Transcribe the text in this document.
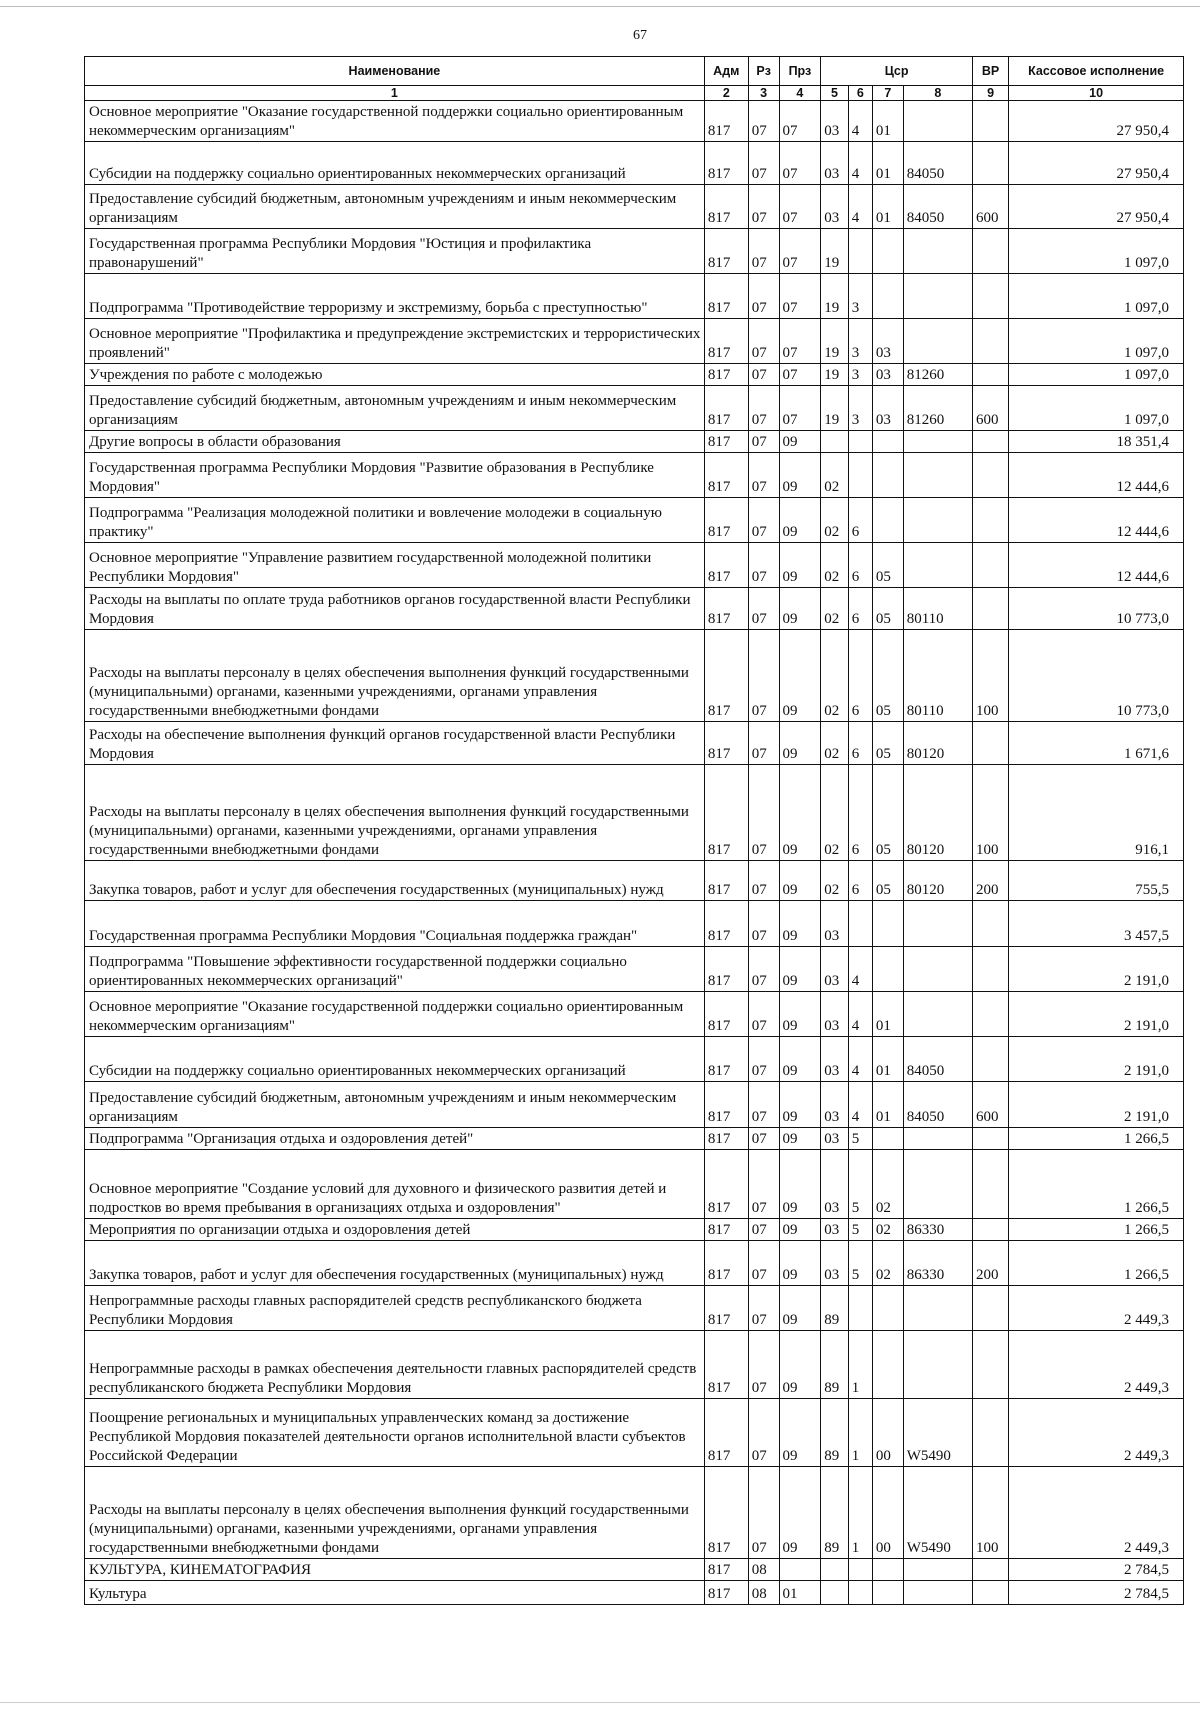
67
Наименование	Адм	Рз	Прз	Цср				ВР	Кассовое исполнение
1	2	3	4	5	6	7	8	9	10
Основное мероприятие "Оказание государственной поддержки социально ориентированным некоммерческим организациям"	817	07	07	03	4	01			27 950,4
Субсидии на поддержку социально ориентированных некоммерческих организаций	817	07	07	03	4	01	84050		27 950,4
Предоставление субсидий бюджетным, автономным учреждениям и иным некоммерческим организациям	817	07	07	03	4	01	84050	600	27 950,4
Государственная программа Республики Мордовия "Юстиция и профилактика правонарушений"	817	07	07	19					1 097,0
Подпрограмма "Противодействие терроризму и экстремизму, борьба с преступностью"	817	07	07	19	3				1 097,0
Основное мероприятие "Профилактика и предупреждение экстремистских и террористических проявлений"	817	07	07	19	3	03			1 097,0
Учреждения по работе с молодежью	817	07	07	19	3	03	81260		1 097,0
Предоставление субсидий бюджетным, автономным учреждениям и иным некоммерческим организациям	817	07	07	19	3	03	81260	600	1 097,0
Другие вопросы в области образования	817	07	09						18 351,4
Государственная программа Республики Мордовия "Развитие образования в Республике Мордовия"	817	07	09	02					12 444,6
Подпрограмма "Реализация молодежной политики и вовлечение молодежи в социальную практику"	817	07	09	02	6				12 444,6
Основное мероприятие "Управление развитием государственной молодежной политики Республики Мордовия"	817	07	09	02	6	05			12 444,6
Расходы на выплаты по оплате труда работников органов государственной власти Республики Мордовия	817	07	09	02	6	05	80110		10 773,0
Расходы на выплаты персоналу в целях обеспечения выполнения функций государственными (муниципальными) органами, казенными учреждениями, органами управления государственными внебюджетными фондами	817	07	09	02	6	05	80110	100	10 773,0
Расходы на обеспечение выполнения функций органов государственной власти Республики Мордовия	817	07	09	02	6	05	80120		1 671,6
Расходы на выплаты персоналу в целях обеспечения выполнения функций государственными (муниципальными) органами, казенными учреждениями, органами управления государственными внебюджетными фондами	817	07	09	02	6	05	80120	100	916,1
Закупка товаров, работ и услуг для обеспечения государственных (муниципальных) нужд	817	07	09	02	6	05	80120	200	755,5
Государственная программа Республики Мордовия "Социальная поддержка граждан"	817	07	09	03					3 457,5
Подпрограмма "Повышение эффективности государственной поддержки социально ориентированных некоммерческих организаций"	817	07	09	03	4				2 191,0
Основное мероприятие "Оказание государственной поддержки социально ориентированным некоммерческим организациям"	817	07	09	03	4	01			2 191,0
Субсидии на поддержку социально ориентированных некоммерческих организаций	817	07	09	03	4	01	84050		2 191,0
Предоставление субсидий бюджетным, автономным учреждениям и иным некоммерческим организациям	817	07	09	03	4	01	84050	600	2 191,0
Подпрограмма "Организация отдыха и оздоровления детей"	817	07	09	03	5				1 266,5
Основное мероприятие "Создание условий для духовного и физического развития детей и подростков во время пребывания в организациях отдыха и оздоровления"	817	07	09	03	5	02			1 266,5
Мероприятия по организации отдыха и оздоровления детей	817	07	09	03	5	02	86330		1 266,5
Закупка товаров, работ и услуг для обеспечения государственных (муниципальных) нужд	817	07	09	03	5	02	86330	200	1 266,5
Непрограммные расходы главных распорядителей средств республиканского бюджета Республики Мордовия	817	07	09	89					2 449,3
Непрограммные расходы в рамках обеспечения деятельности главных распорядителей средств республиканского бюджета Республики Мордовия	817	07	09	89	1				2 449,3
Поощрение региональных и муниципальных управленческих команд за достижение Республикой Мордовия показателей деятельности органов исполнительной власти субъектов Российской Федерации	817	07	09	89	1	00	W5490		2 449,3
Расходы на выплаты персоналу в целях обеспечения выполнения функций государственными (муниципальными) органами, казенными учреждениями, органами управления государственными внебюджетными фондами	817	07	09	89	1	00	W5490	100	2 449,3
КУЛЬТУРА, КИНЕМАТОГРАФИЯ	817	08							2 784,5
Культура	817	08	01						2 784,5
